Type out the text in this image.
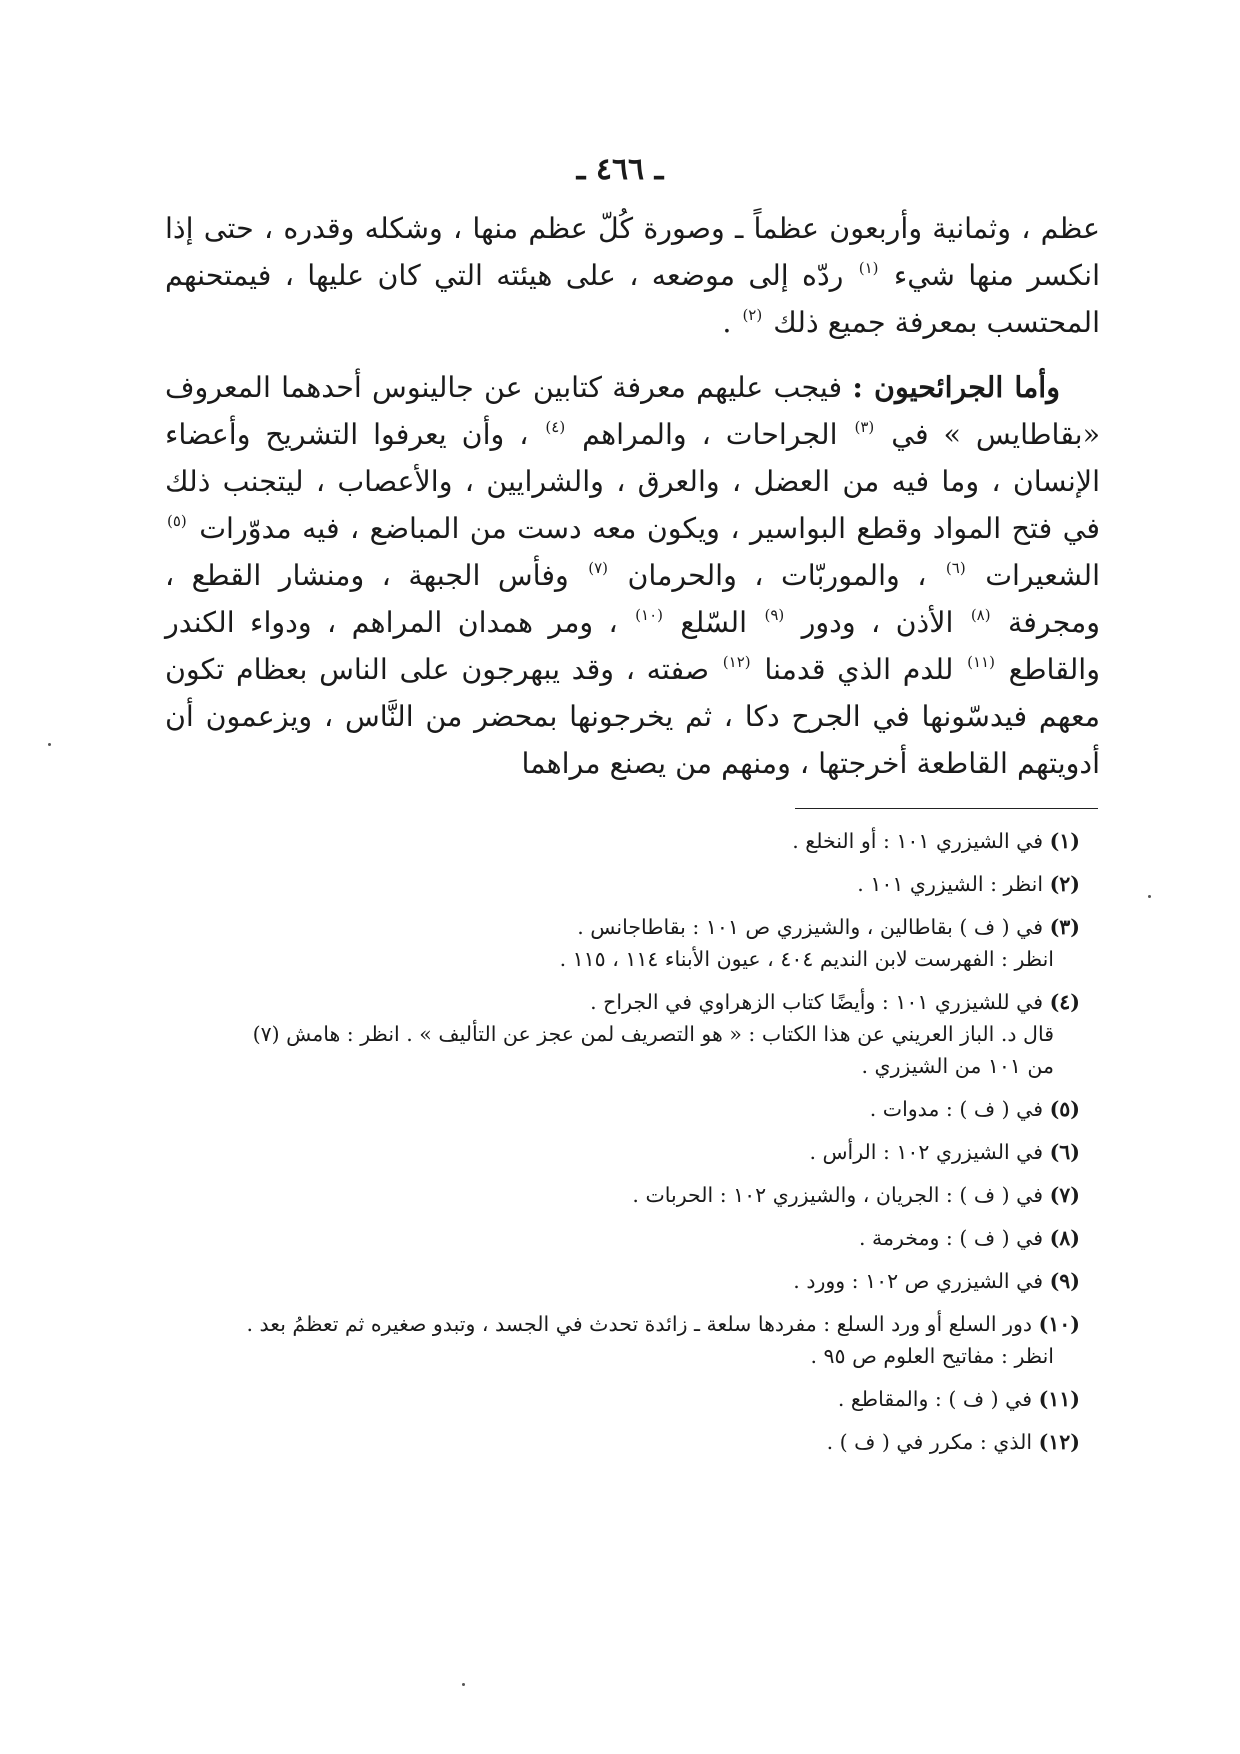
ـ ٤٦٦ ـ

عظم ، وثمانية وأربعون عظماً ـ وصورة كُلّ عظم منها ، وشكله وقدره ، حتى إذا انكسر منها شيء $^{(١)}$ ردّه إلى موضعه ، على هيئته التي كان عليها ، فيمتحنهم المحتسب بمعرفة جميع ذلك $^{(٢)}$ .

وأما الجرائحيون : فيجب عليهم معرفة كتابين عن جالينوس أحدهما المعروف «بقاطايس » في $^{(٣)}$ الجراحات ، والمراهم $^{(٤)}$ ، وأن يعرفوا التشريح وأعضاء الإنسان ، وما فيه من العضل ، والعرق ، والشرايين ، والأعصاب ، ليتجنب ذلك في فتح المواد وقطع البواسير ، ويكون معه دست من المباضع ، فيه مدوّرات $^{(٥)}$ الشعيرات $^{(٦)}$ ، والموربّات ، والحرمان $^{(٧)}$ وفأس الجبهة ، ومنشار القطع ، ومجرفة $^{(٨)}$ الأذن ، ودور $^{(٩)}$ السّلع $^{(١٠)}$ ، ومر همدان المراهم ، ودواء الكندر والقاطع $^{(١١)}$ للدم الذي قدمنا $^{(١٢)}$ صفته ، وقد يبهرجون على الناس بعظام تكون معهم فيدسّونها في الجرح دكا ، ثم يخرجونها بمحضر من النَّاس ، ويزعمون أن أدويتهم القاطعة أخرجتها ، ومنهم من يصنع مراهما

(١) في الشيزري ١٠١ : أو النخلع .
(٢) انظر : الشيزري ١٠١ .
(٣) في ( ف ) بقاطالين ، والشيزري ص ١٠١ : بقاطاجانس .
انظر : الفهرست لابن النديم ٤٠٤ ، عيون الأبناء ١١٤ ، ١١٥ .
(٤) في للشيزري ١٠١ : وأيضًا كتاب الزهراوي في الجراح .
قال د. الباز العريني عن هذا الكتاب : « هو التصريف لمن عجز عن التأليف » . انظر : هامش (٧)
من ١٠١ من الشيزري .
(٥) في ( ف ) : مدوات .
(٦) في الشيزري ١٠٢ : الرأس .
(٧) في ( ف ) : الجريان ، والشيزري ١٠٢ : الحربات .
(٨) في ( ف ) : ومخرمة .
(٩) في الشيزري ص ١٠٢ : وورد .
(١٠) دور السلع أو ورد السلع : مفردها سلعة ـ زائدة تحدث في الجسد ، وتبدو صغيره ثم تعظمُ بعد .
انظر : مفاتيح العلوم ص ٩٥ .
(١١) في ( ف ) : والمقاطع .
(١٢) الذي : مكرر في ( ف ) .
